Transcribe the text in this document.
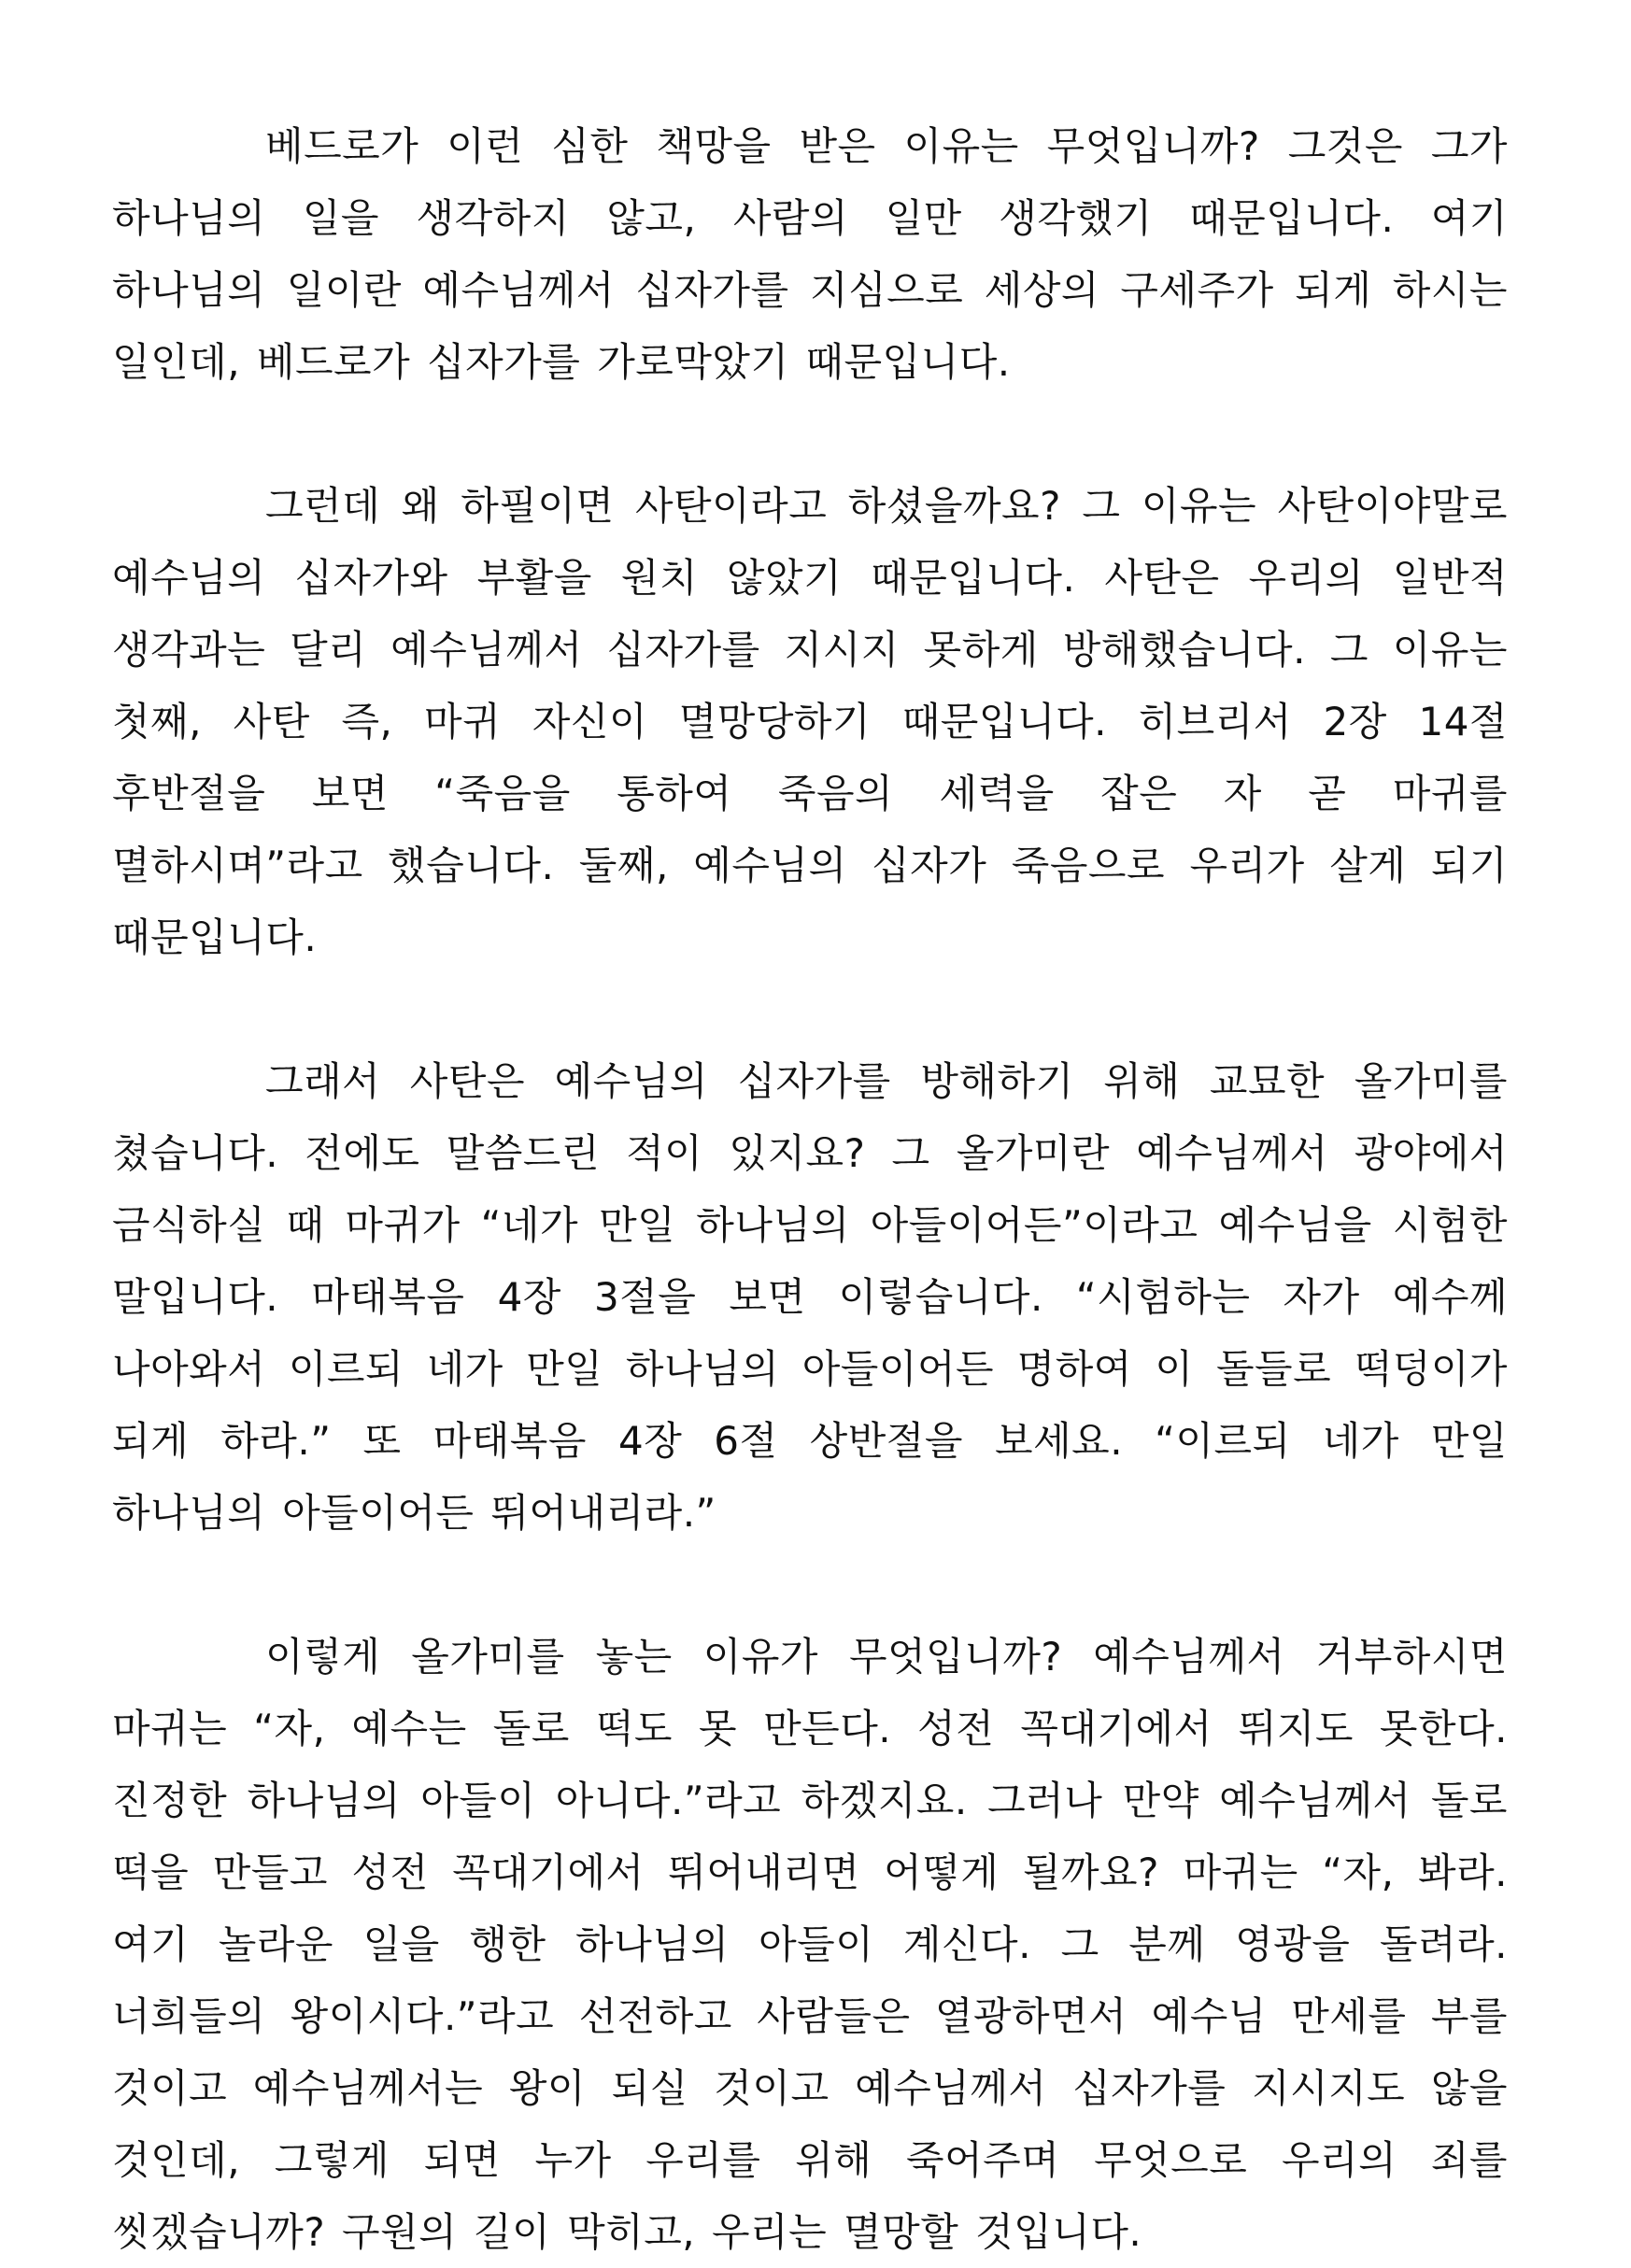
베드로가 이런 심한 책망을 받은 이유는 무엇입니까? 그것은 그가 하나님의 일을 생각하지 않고, 사람의 일만 생각했기 때문입니다. 여기 하나님의 일이란 예수님께서 십자가를 지심으로 세상의 구세주가 되게 하시는 일인데, 베드로가 십자가를 가로막았기 때문입니다.

그런데 왜 하필이면 사탄이라고 하셨을까요? 그 이유는 사탄이야말로 예수님의 십자가와 부활을 원치 않았기 때문입니다. 사탄은 우리의 일반적 생각과는 달리 예수님께서 십자가를 지시지 못하게 방해했습니다. 그 이유는 첫째, 사탄 즉, 마귀 자신이 멸망당하기 때문입니다. 히브리서 2장 14절 후반절을 보면 “죽음을 통하여 죽음의 세력을 잡은 자 곧 마귀를 멸하시며”라고 했습니다. 둘째, 예수님의 십자가 죽음으로 우리가 살게 되기 때문입니다.

그래서 사탄은 예수님의 십자가를 방해하기 위해 교묘한 올가미를 쳤습니다. 전에도 말씀드린 적이 있지요? 그 올가미란 예수님께서 광야에서 금식하실 때 마귀가 “네가 만일 하나님의 아들이어든”이라고 예수님을 시험한 말입니다. 마태복음 4장 3절을 보면 이렇습니다. “시험하는 자가 예수께 나아와서 이르되 네가 만일 하나님의 아들이어든 명하여 이 돌들로 떡덩이가 되게 하라.” 또 마태복음 4장 6절 상반절을 보세요. “이르되 네가 만일 하나님의 아들이어든 뛰어내리라.”

이렇게 올가미를 놓는 이유가 무엇입니까? 예수님께서 거부하시면 마귀는 “자, 예수는 돌로 떡도 못 만든다. 성전 꼭대기에서 뛰지도 못한다. 진정한 하나님의 아들이 아니다.”라고 하겠지요. 그러나 만약 예수님께서 돌로 떡을 만들고 성전 꼭대기에서 뛰어내리면 어떻게 될까요? 마귀는 “자, 봐라. 여기 놀라운 일을 행한 하나님의 아들이 계신다. 그 분께 영광을 돌려라. 너희들의 왕이시다.”라고 선전하고 사람들은 열광하면서 예수님 만세를 부를 것이고 예수님께서는 왕이 되실 것이고 예수님께서 십자가를 지시지도 않을 것인데, 그렇게 되면 누가 우리를 위해 죽어주며 무엇으로 우리의 죄를 씻겠습니까? 구원의 길이 막히고, 우리는 멸망할 것입니다.
